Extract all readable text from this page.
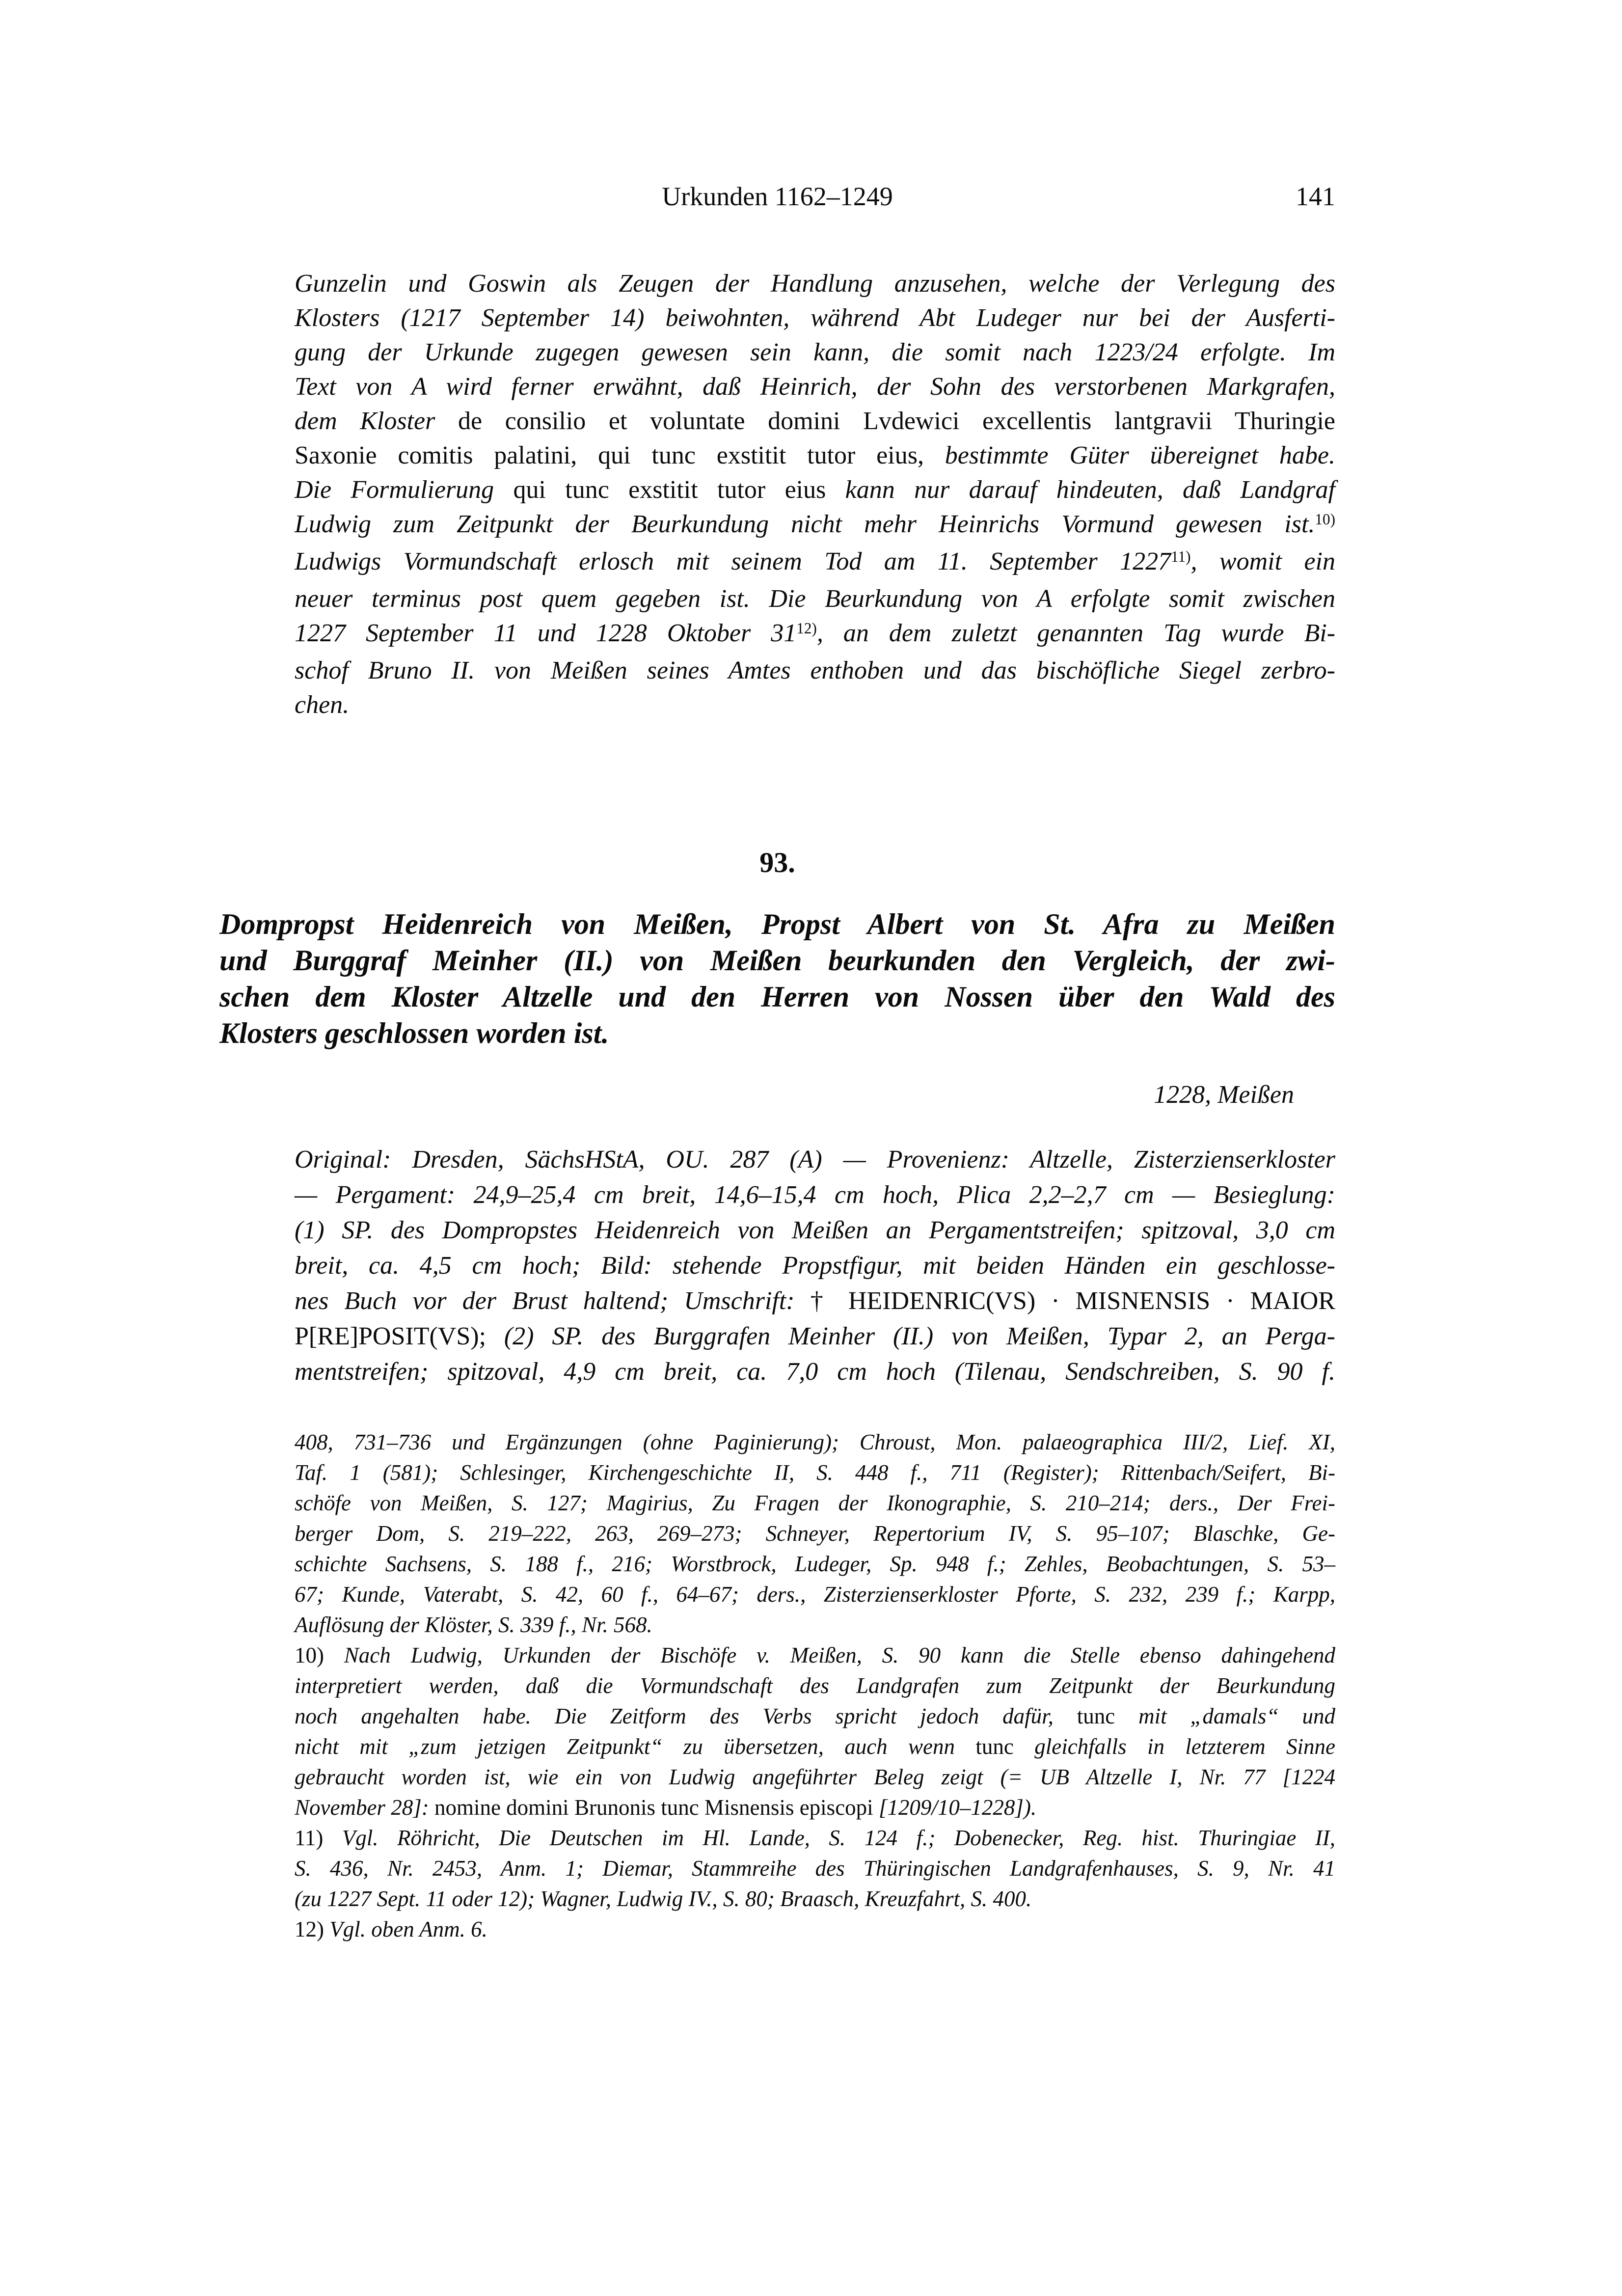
Urkunden 1162–1249	141
Gunzelin und Goswin als Zeugen der Handlung anzusehen, welche der Verlegung des
Klosters (1217 September 14) beiwohnten, während Abt Ludeger nur bei der Ausferti-
gung der Urkunde zugegen gewesen sein kann, die somit nach 1223/24 erfolgte. Im
Text von A wird ferner erwähnt, daß Heinrich, der Sohn des verstorbenen Markgrafen,
dem Kloster de consilio et voluntate domini Lvdewici excellentis lantgravii Thuringie
Saxonie comitis palatini, qui tunc exstitit tutor eius, bestimmte Güter übereignet habe.
Die Formulierung qui tunc exstitit tutor eius kann nur darauf hindeuten, daß Landgraf
Ludwig zum Zeitpunkt der Beurkundung nicht mehr Heinrichs Vormund gewesen ist.$^{10)}$
Ludwigs Vormundschaft erlosch mit seinem Tod am 11. September 1227$^{11)}$, womit ein
neuer terminus post quem gegeben ist. Die Beurkundung von A erfolgte somit zwischen
1227 September 11 und 1228 Oktober 31$^{12)}$, an dem zuletzt genannten Tag wurde Bi-
schof Bruno II. von Meißen seines Amtes enthoben und das bischöfliche Siegel zerbro-
chen.
93.
Dompropst Heidenreich von Meißen, Propst Albert von St. Afra zu Meißen
und Burggraf Meinher (II.) von Meißen beurkunden den Vergleich, der zwi-
schen dem Kloster Altzelle und den Herren von Nossen über den Wald des
Klosters geschlossen worden ist.
1228, Meißen
Original: Dresden, SächsHStA, OU. 287 (A) — Provenienz: Altzelle, Zisterzienserkloster
— Pergament: 24,9–25,4 cm breit, 14,6–15,4 cm hoch, Plica 2,2–2,7 cm — Besieglung:
(1) SP. des Dompropstes Heidenreich von Meißen an Pergamentstreifen; spitzoval, 3,0 cm
breit, ca. 4,5 cm hoch; Bild: stehende Propstfigur, mit beiden Händen ein geschlosse-
nes Buch vor der Brust haltend; Umschrift: † HEIDENRIC(VS) · MISNENSIS · MAIOR
P[RE]POSIT(VS); (2) SP. des Burggrafen Meinher (II.) von Meißen, Typar 2, an Perga-
mentstreifen; spitzoval, 4,9 cm breit, ca. 7,0 cm hoch (Tilenau, Sendschreiben, S. 90 f.
408, 731–736 und Ergänzungen (ohne Paginierung); Chroust, Mon. palaeographica III/2, Lief. XI,
Taf. 1 (581); Schlesinger, Kirchengeschichte II, S. 448 f., 711 (Register); Rittenbach/Seifert, Bi-
schöfe von Meißen, S. 127; Magirius, Zu Fragen der Ikonographie, S. 210–214; ders., Der Frei-
berger Dom, S. 219–222, 263, 269–273; Schneyer, Repertorium IV, S. 95–107; Blaschke, Ge-
schichte Sachsens, S. 188 f., 216; Worstbrock, Ludeger, Sp. 948 f.; Zehles, Beobachtungen, S. 53–
67; Kunde, Vaterabt, S. 42, 60 f., 64–67; ders., Zisterzienserkloster Pforte, S. 232, 239 f.; Karpp,
Auflösung der Klöster, S. 339 f., Nr. 568.
10) Nach Ludwig, Urkunden der Bischöfe v. Meißen, S. 90 kann die Stelle ebenso dahingehend
interpretiert werden, daß die Vormundschaft des Landgrafen zum Zeitpunkt der Beurkundung
noch angehalten habe. Die Zeitform des Verbs spricht jedoch dafür, tunc mit „damals“ und
nicht mit „zum jetzigen Zeitpunkt“ zu übersetzen, auch wenn tunc gleichfalls in letzterem Sinne
gebraucht worden ist, wie ein von Ludwig angeführter Beleg zeigt (= UB Altzelle I, Nr. 77 [1224
November 28]: nomine domini Brunonis tunc Misnensis episcopi [1209/10–1228]).
11) Vgl. Röhricht, Die Deutschen im Hl. Lande, S. 124 f.; Dobenecker, Reg. hist. Thuringiae II,
S. 436, Nr. 2453, Anm. 1; Diemar, Stammreihe des Thüringischen Landgrafenhauses, S. 9, Nr. 41
(zu 1227 Sept. 11 oder 12); Wagner, Ludwig IV., S. 80; Braasch, Kreuzfahrt, S. 400.
12) Vgl. oben Anm. 6.
